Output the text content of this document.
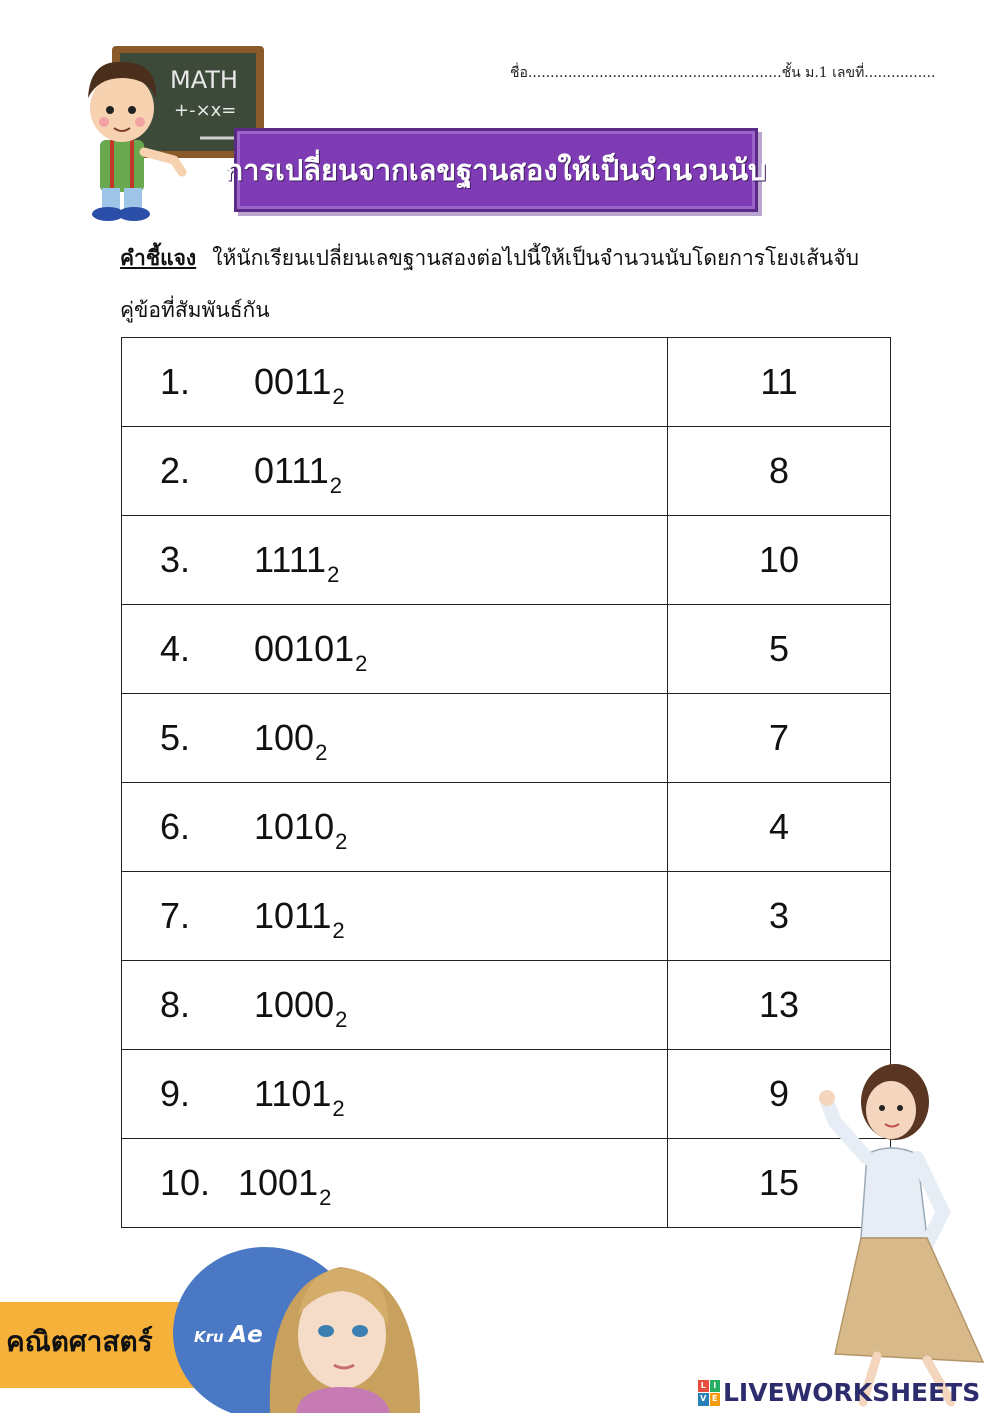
MATH
+-×x=
ชื่อ.........................................................ชั้น ม.1 เลขที่................
การเปลี่ยนจากเลขฐานสองให้เป็นจำนวนนับ
คำชี้แจง ให้นักเรียนเปลี่ยนเลขฐานสองต่อไปนี้ให้เป็นจำนวนนับโดยการโยงเส้นจับคู่ข้อที่สัมพันธ์กัน
1. $0011_2$	11

2. $0111_2$	8

3. $1111_2$	10

4. $00101_2$	5

5. $100_2$	7

6. $1010_2$	4

7. $1011_2$	3

8. $1000_2$	13

9. $1101_2$	9

10. $1001_2$	15
คณิตศาสตร์	Kru Ae
L I
V E LIVEWORKSHEETS
